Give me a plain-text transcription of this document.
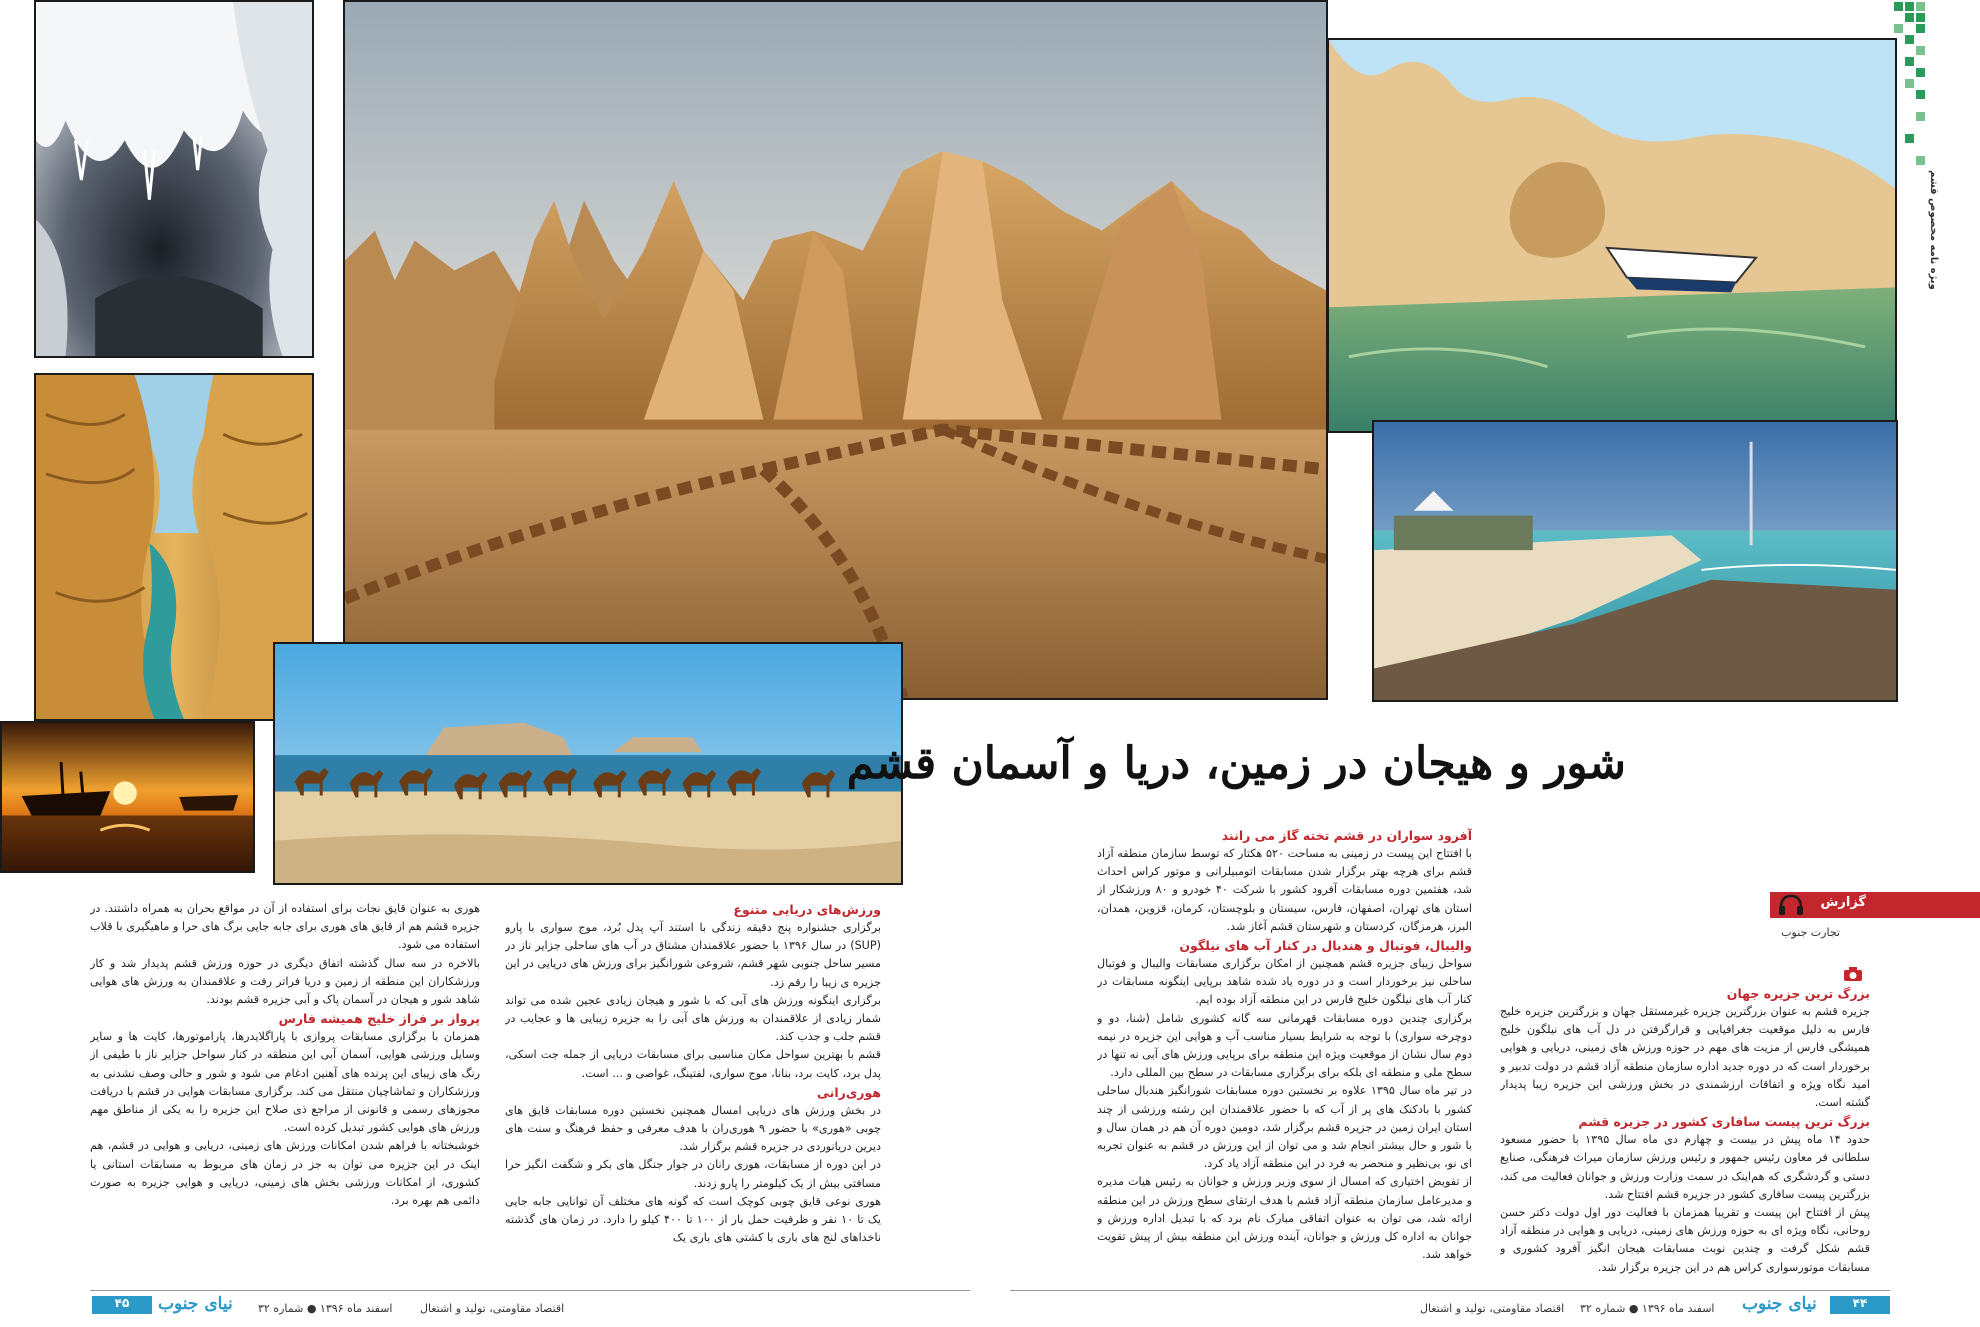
ویژه نامه مخصوص قشم
شور و هیجان در زمین، دریا و آسمان قشم
گزارش
تجارت جنوب
بزرگ ترین جزیره جهان

جزیره قشم به عنوان بزرگترین جزیره غیرمستقل جهان و بزرگترین جزیره خلیج فارس به دلیل موقعیت جغرافیایی و قرارگرفتن در دل آب های نیلگون خلیج همیشگی فارس از مزیت های مهم در حوزه ورزش های زمینی، دریایی و هوایی برخوردار است که در دوره جدید اداره سازمان منطقه آزاد قشم در دولت تدبیر و امید نگاه ویژه و اتفاقات ارزشمندی در بخش ورزشی این جزیره زیبا پدیدار گشته است.

بزرگ ترین پیست سافاری کشور در جزیره قشم

حدود ۱۴ ماه پیش در بیست و چهارم دی ماه سال ۱۳۹۵ با حضور مسعود سلطانی فر معاون رئیس جمهور و رئیس ورزش سازمان میراث فرهنگی، صنایع دستی و گردشگری که هم‌اینک در سمت وزارت ورزش و جوانان فعالیت می کند، بزرگترین پیست سافاری کشور در جزیره قشم افتتاح شد.

پیش از افتتاح این پیست و تقریبا همزمان با فعالیت دور اول دولت دکتر حسن روحانی، نگاه ویژه ای به حوزه ورزش های زمینی، دریایی و هوایی در منطقه آزاد قشم شکل گرفت و چندین نوبت مسابقات هیجان انگیز آفرود کشوری و مسابقات موتورسواری کراس هم در این جزیره برگزار شد.

آفرود سواران در قشم تخته گاز می رانند

با افتتاح این پیست در زمینی به مساحت ۵۲۰ هکتار که توسط سازمان منطقه آزاد قشم برای هرچه بهتر برگزار شدن مسابقات اتومبیلرانی و موتور کراس احداث شد، هفتمین دوره مسابقات آفرود کشور با شرکت ۴۰ خودرو و ۸۰ ورزشکار از استان های تهران، اصفهان، فارس، سیستان و بلوچستان، کرمان، قزوین، همدان، البرز، هرمزگان، کردستان و شهرستان قشم آغاز شد.

والیبال، فوتبال و هندبال در کنار آب های نیلگون

سواحل زیبای جزیره قشم همچنین از امکان برگزاری مسابقات والیبال و فوتبال ساحلی نیز برخوردار است و در دوره یاد شده شاهد برپایی اینگونه مسابقات در کنار آب های نیلگون خلیج فارس در این منطقه آزاد بوده ایم.

برگزاری چندین دوره مسابقات قهرمانی سه گانه کشوری شامل (شنا، دو و دوچرخه سواری) با توجه به شرایط بسیار مناسب آب و هوایی این جزیره در نیمه دوم سال نشان از موقعیت ویژه این منطقه برای برپایی ورزش های آبی نه تنها در سطح ملی و منطقه ای بلکه برای برگزاری مسابقات در سطح بین المللی دارد.

در تیر ماه سال ۱۳۹۵ علاوه بر نخستین دوره مسابقات شورانگیز هندبال ساحلی کشور با بادکنک های پر از آب که با حضور علاقمندان این رشته ورزشی از چند استان ایران زمین در جزیره قشم برگزار شد، دومین دوره آن هم در همان سال و با شور و حال بیشتر انجام شد و می توان از این ورزش در قشم به عنوان تجربه ای نو، بی‌نظیر و منحصر به فرد در این منطقه آزاد یاد کرد.

از تفویض اختیاری که امسال از سوی وزیر ورزش و جوانان به رئیس هیات مدیره و مدیرعامل سازمان منطقه آزاد قشم با هدف ارتقای سطح ورزش در این منطقه ارائه شد، می توان به عنوان اتفاقی مبارک نام برد که با تبدیل اداره ورزش و جوانان به اداره کل ورزش و جوانان، آینده ورزش این منطقه بیش از پیش تقویت خواهد شد.

ورزش‌های دریایی متنوع

برگزاری جشنواره پنج دقیقه زندگی با استند آپ پدل بُرد، موج سواری با پارو (SUP) در سال ۱۳۹۶ با حضور علاقمندان مشتاق در آب های ساحلی جزایر ناز در مسیر ساحل جنوبی شهر قشم، شروعی شورانگیز برای ورزش های دریایی در این جزیره ی زیبا را رقم زد.

برگزاری اینگونه ورزش های آبی که با شور و هیجان زیادی عجین شده می تواند شمار زیادی از علاقمندان به ورزش های آبی را به جزیره زیبایی ها و عجایب در قشم جلب و جذب کند.

قشم با بهترین سواحل مکان مناسبی برای مسابقات دریایی از جمله جت اسکی، پدل برد، کایت برد، بنانا، موج سواری، لفتینگ، غواصی و ... است.

هوری‌رانی

در بخش ورزش های دریایی امسال همچنین نخستین دوره مسابقات قایق های چوبی «هوری» با حضور ۹ هوری‌ران با هدف معرفی و حفظ فرهنگ و سنت های دیرین دریانوردی در جزیره قشم برگزار شد.

در این دوره از مسابقات، هوری رانان در جوار جنگل های بکر و شگفت انگیز حرا مسافتی بیش از یک کیلومتر را پارو زدند.

هوری نوعی قایق چوبی کوچک است که گونه های مختلف آن توانایی جابه جایی یک تا ۱۰ نفر و ظرفیت حمل بار از ۱۰۰ تا ۴۰۰ کیلو را دارد. در زمان های گذشته ناخداهای لنج های باری با کشتی های باری یک

هوری به عنوان قایق نجات برای استفاده از آن در مواقع بحران به همراه داشتند. در جزیره قشم هم از قایق های هوری برای جابه جایی برگ های حرا و ماهیگیری با قلاب استفاده می شود.

بالاخره در سه سال گذشته اتفاق دیگری در حوزه ورزش قشم پدیدار شد و کار ورزشکاران این منطقه از زمین و دریا فراتر رفت و علاقمندان به ورزش های هوایی شاهد شور و هیجان در آسمان پاک و آبی جزیره قشم بودند.

پرواز بر فراز خلیج همیشه فارس

همزمان با برگزاری مسابقات پروازی با پاراگلایدرها، پاراموتورها، کایت ها و سایر وسایل ورزشی هوایی، آسمان آبی این منطقه در کنار سواحل جزایر ناز با طیفی از رنگ های زیبای این پرنده های آهنین ادغام می شود و شور و حالی وصف نشدنی به ورزشکاران و تماشاچیان منتقل می کند. برگزاری مسابقات هوایی در قشم با دریافت مجوزهای رسمی و قانونی از مراجع ذی صلاح این جزیره را به یکی از مناطق مهم ورزش های هوایی کشور تبدیل کرده است.

خوشبختانه با فراهم شدن امکانات ورزش های زمینی، دریایی و هوایی در قشم، هم اینک در این جزیره می توان به جز در زمان های مربوط به مسابقات استانی یا کشوری، از امکانات ورزشی بخش های زمینی، دریایی و هوایی جزیره به صورت دائمی هم بهره برد.

۴۵	نیای جنوب اسفند ماه ۱۳۹۶ ● شماره ۳۲	اقتصاد مقاومتی، تولید و اشتغال	اقتصاد مقاومتی، تولید و اشتغال اسفند ماه ۱۳۹۶ ● شماره ۳۲ نیای جنوب	۴۴
